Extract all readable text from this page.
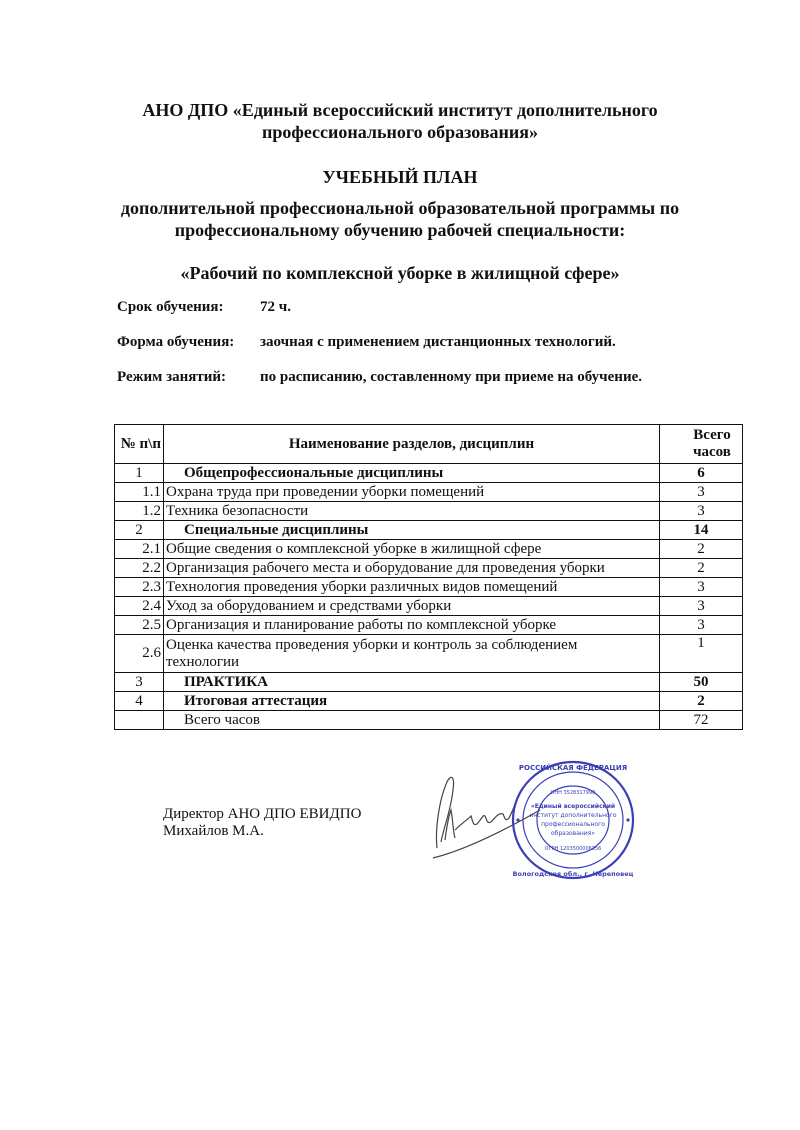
АНО ДПО «Единый всероссийский институт дополнительного
профессионального образования»
УЧЕБНЫЙ ПЛАН
дополнительной профессиональной образовательной программы по
профессиональному обучению рабочей специальности:
«Рабочий по комплексной уборке в жилищной сфере»
Срок обучения: 72 ч.
Форма обучения: заочная с применением дистанционных технологий.
Режим занятий: по расписанию, составленному при приеме на обучение.
№ п\п	Наименование разделов, дисциплин	Всего часов
1	Общепрофессиональные дисциплины	6
1.1	Охрана труда при проведении уборки помещений	3
1.2	Техника безопасности	3
2	Специальные дисциплины	14
2.1	Общие сведения о комплексной уборке в жилищной сфере	2
2.2	Организация рабочего места и оборудование для проведения уборки	2
2.3	Технология проведения уборки различных видов помещений	3
2.4	Уход за оборудованием и средствами уборки	3
2.5	Организация и планирование работы по комплексной уборке	3
2.6	Оценка качества проведения уборки и контроль за соблюдением технологии	1
3	ПРАКТИКА	50
4	Итоговая аттестация	2
	Всего часов	72
Директор АНО ДПО ЕВИДПО
Михайлов М.А.
«Единый всероссийский
институт дополнительного
профессионального
образования»
ИНН 3528317990
ОГРН 1203500006356
РОССИЙСКАЯ ФЕДЕРАЦИЯ
Вологодская обл., г. Череповец
